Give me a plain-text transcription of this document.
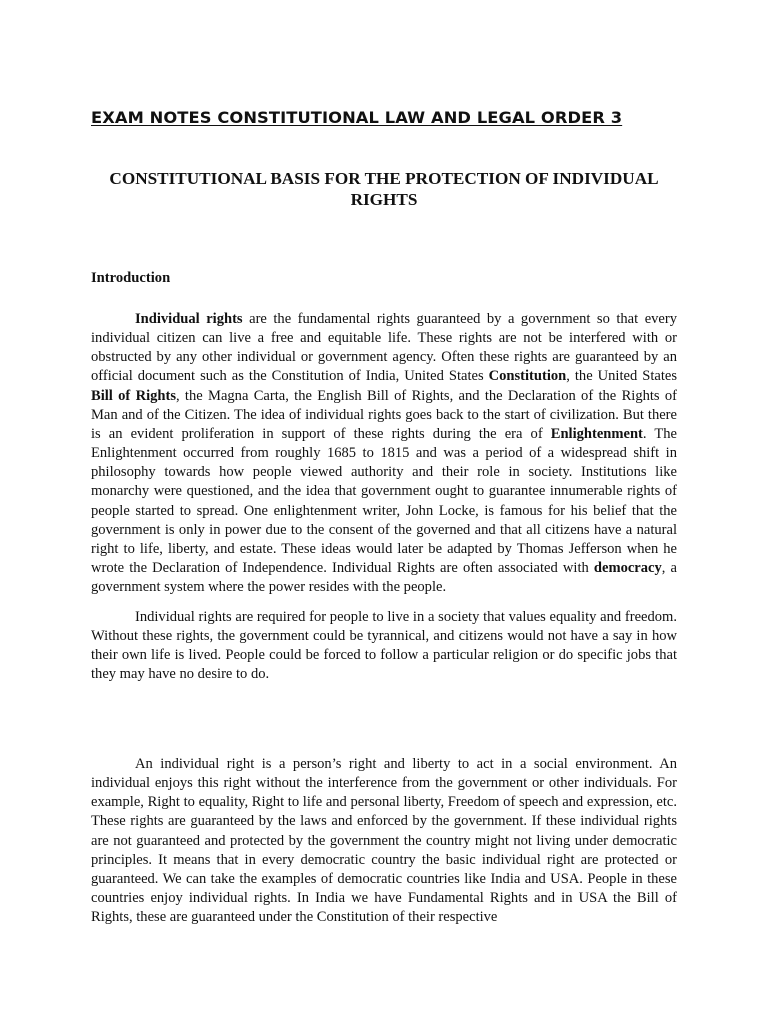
EXAM NOTES CONSTITUTIONAL LAW AND LEGAL ORDER 3
CONSTITUTIONAL BASIS FOR THE PROTECTION OF INDIVIDUAL RIGHTS
Introduction

Individual rights are the fundamental rights guaranteed by a government so that every individual citizen can live a free and equitable life. These rights are not be interfered with or obstructed by any other individual or government agency. Often these rights are guaranteed by an official document such as the Constitution of India, United States Constitution, the United States Bill of Rights, the Magna Carta, the English Bill of Rights, and the Declaration of the Rights of Man and of the Citizen. The idea of individual rights goes back to the start of civilization. But there is an evident proliferation in support of these rights during the era of Enlightenment. The Enlightenment occurred from roughly 1685 to 1815 and was a period of a widespread shift in philosophy towards how people viewed authority and their role in society. Institutions like monarchy were questioned, and the idea that government ought to guarantee innumerable rights of people started to spread. One enlightenment writer, John Locke, is famous for his belief that the government is only in power due to the consent of the governed and that all citizens have a natural right to life, liberty, and estate. These ideas would later be adapted by Thomas Jefferson when he wrote the Declaration of Independence. Individual Rights are often associated with democracy, a government system where the power resides with the people.

Individual rights are required for people to live in a society that values equality and freedom. Without these rights, the government could be tyrannical, and citizens would not have a say in how their own life is lived. People could be forced to follow a particular religion or do specific jobs that they may have no desire to do.

An individual right is a person’s right and liberty to act in a social environment. An individual enjoys this right without the interference from the government or other individuals. For example, Right to equality, Right to life and personal liberty, Freedom of speech and expression, etc. These rights are guaranteed by the laws and enforced by the government. If these individual rights are not guaranteed and protected by the government the country might not living under democratic principles. It means that in every democratic country the basic individual right are protected or guaranteed. We can take the examples of democratic countries like India and USA. People in these countries enjoy individual rights. In India we have Fundamental Rights and in USA the Bill of Rights, these are guaranteed under the Constitution of their respective
